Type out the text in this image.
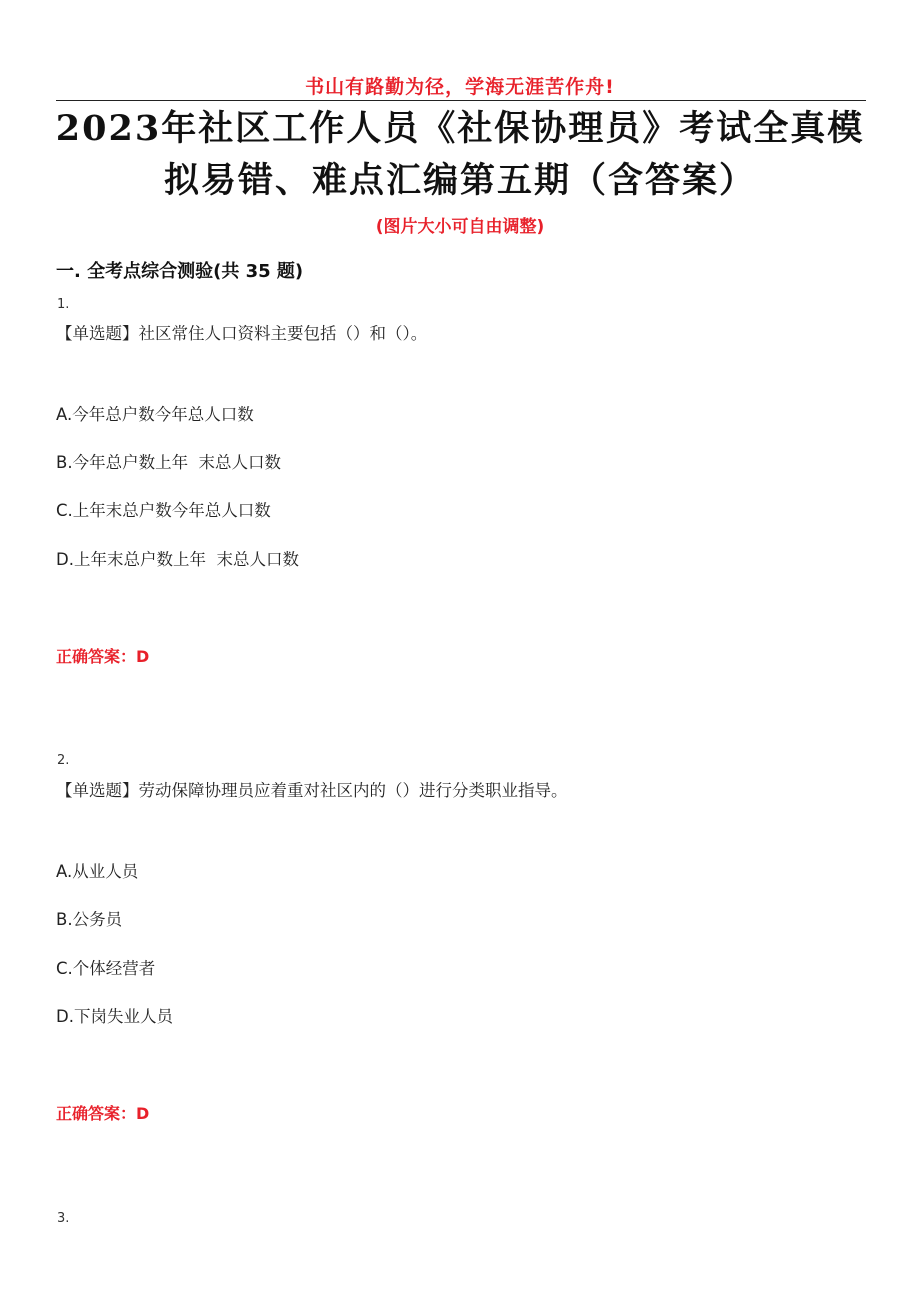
书山有路勤为径，学海无涯苦作舟!
2023年社区工作人员《社保协理员》考试全真模
拟易错、难点汇编第五期（含答案）
(图片大小可自由调整)
一. 全考点综合测验(共 35 题)
1.
【单选题】社区常住人口资料主要包括（）和（）。
A.今年总户数今年总人口数
B.今年总户数上年  末总人口数
C.上年末总户数今年总人口数
D.上年末总户数上年  末总人口数
正确答案：D
2.
【单选题】劳动保障协理员应着重对社区内的（）进行分类职业指导。
A.从业人员
B.公务员
C.个体经营者
D.下岗失业人员
正确答案：D
3.
